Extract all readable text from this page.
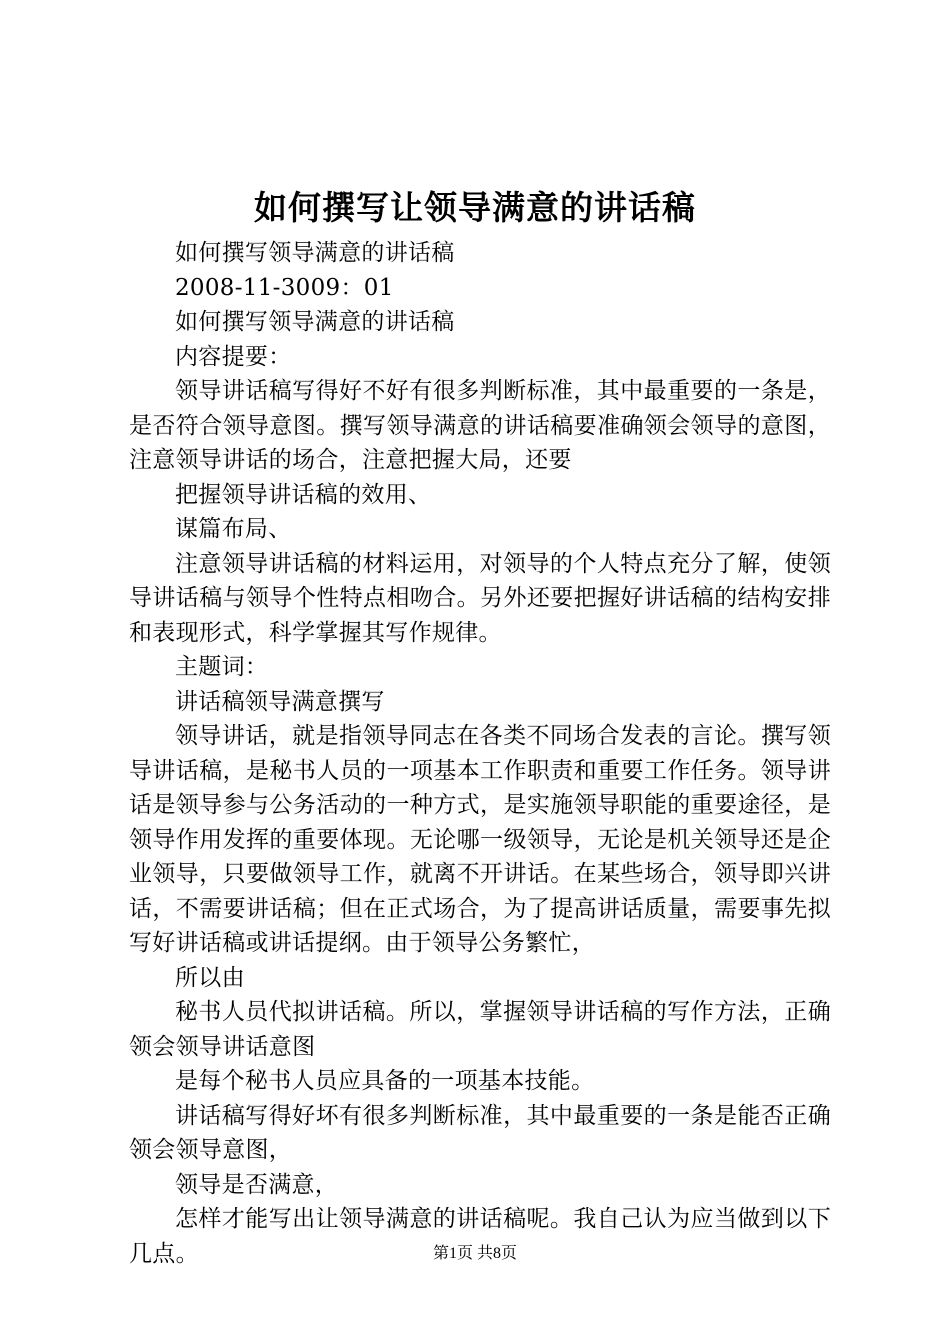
如何撰写让领导满意的讲话稿

如何撰写领导满意的讲话稿

2008-11-3009：01

如何撰写领导满意的讲话稿

内容提要：

领导讲话稿写得好不好有很多判断标准，其中最重要的一条是，是否符合领导意图。撰写领导满意的讲话稿要准确领会领导的意图，注意领导讲话的场合，注意把握大局，还要

把握领导讲话稿的效用、

谋篇布局、

注意领导讲话稿的材料运用，对领导的个人特点充分了解，使领导讲话稿与领导个性特点相吻合。另外还要把握好讲话稿的结构安排和表现形式，科学掌握其写作规律。

主题词：

讲话稿领导满意撰写

领导讲话，就是指领导同志在各类不同场合发表的言论。撰写领导讲话稿，是秘书人员的一项基本工作职责和重要工作任务。领导讲话是领导参与公务活动的一种方式，是实施领导职能的重要途径，是领导作用发挥的重要体现。无论哪一级领导，无论是机关领导还是企业领导，只要做领导工作，就离不开讲话。在某些场合，领导即兴讲话，不需要讲话稿；但在正式场合，为了提高讲话质量，需要事先拟写好讲话稿或讲话提纲。由于领导公务繁忙，

所以由

秘书人员代拟讲话稿。所以，掌握领导讲话稿的写作方法，正确领会领导讲话意图

是每个秘书人员应具备的一项基本技能。

讲话稿写得好坏有很多判断标准，其中最重要的一条是能否正确领会领导意图，

领导是否满意，

怎样才能写出让领导满意的讲话稿呢。我自己认为应当做到以下几点。	第1页 共8页
